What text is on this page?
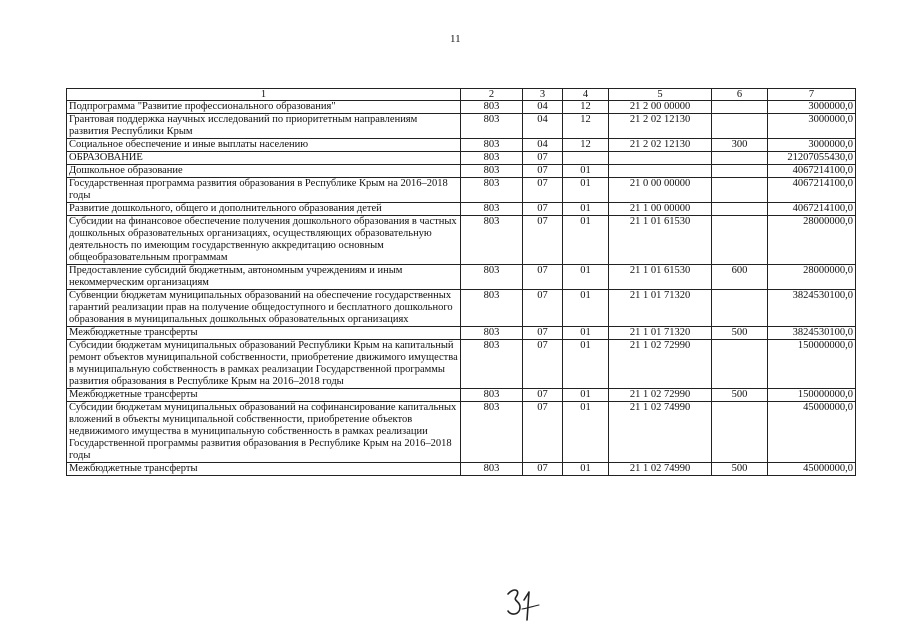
11
1	2	3	4	5	6	7
Подпрограмма "Развитие профессионального образования"	803	04	12	21 2 00 00000		3000000,0
Грантовая поддержка научных исследований по приоритетным направлениям развития Республики Крым	803	04	12	21 2 02 12130		3000000,0
Социальное обеспечение и иные выплаты населению	803	04	12	21 2 02 12130	300	3000000,0
ОБРАЗОВАНИЕ	803	07				21207055430,0
Дошкольное образование	803	07	01			4067214100,0
Государственная программа развития образования в Республике Крым на 2016–2018 годы	803	07	01	21 0 00 00000		4067214100,0
Развитие дошкольного, общего и дополнительного образования детей	803	07	01	21 1 00 00000		4067214100,0
Субсидии на финансовое обеспечение получения дошкольного образования в частных дошкольных образовательных организациях, осуществляющих образовательную деятельность по имеющим государственную аккредитацию основным общеобразовательным программам	803	07	01	21 1 01 61530		28000000,0
Предоставление субсидий бюджетным, автономным учреждениям и иным некоммерческим организациям	803	07	01	21 1 01 61530	600	28000000,0
Субвенции бюджетам муниципальных образований на обеспечение государственных гарантий реализации прав на получение общедоступного и бесплатного дошкольного образования в муниципальных дошкольных образовательных организациях	803	07	01	21 1 01 71320		3824530100,0
Межбюджетные трансферты	803	07	01	21 1 01 71320	500	3824530100,0
Субсидии бюджетам муниципальных образований Республики Крым на капитальный ремонт объектов муниципальной собственности, приобретение движимого имущества в муниципальную собственность в рамках реализации Государственной программы развития образования в Республике Крым на 2016–2018 годы	803	07	01	21 1 02 72990		150000000,0
Межбюджетные трансферты	803	07	01	21 1 02 72990	500	150000000,0
Субсидии бюджетам муниципальных образований на софинансирование капитальных вложений в объекты муниципальной собственности, приобретение объектов недвижимого имущества в муниципальную собственность в рамках реализации Государственной программы развития образования в Республике Крым на 2016–2018 годы	803	07	01	21 1 02 74990		45000000,0
Межбюджетные трансферты	803	07	01	21 1 02 74990	500	45000000,0
